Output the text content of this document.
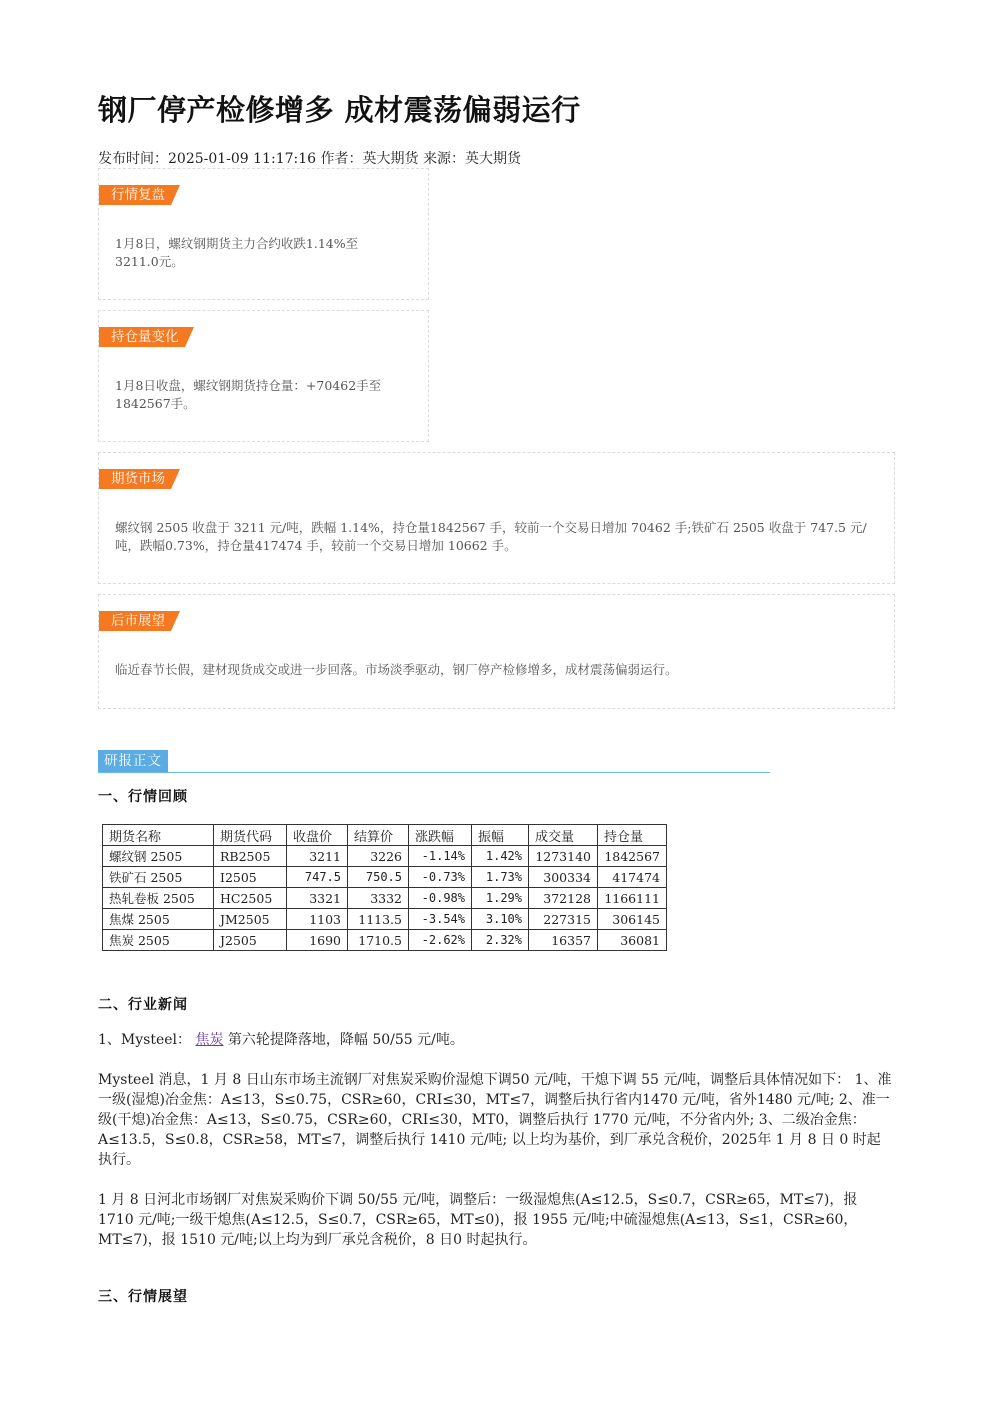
钢厂停产检修增多 成材震荡偏弱运行
发布时间：2025-01-09 11:17:16 作者：英大期货 来源：英大期货
行情复盘
1月8日，螺纹钢期货主力合约收跌1.14%至3211.0元。
持仓量变化
1月8日收盘，螺纹钢期货持仓量：+70462手至1842567手。
期货市场
螺纹钢 2505 收盘于 3211 元/吨，跌幅 1.14%，持仓量1842567 手，较前一个交易日增加 70462 手;铁矿石 2505 收盘于 747.5 元/吨，跌幅0.73%，持仓量417474 手，较前一个交易日增加 10662 手。
后市展望
临近春节长假，建材现货成交或进一步回落。市场淡季驱动，钢厂停产检修增多，成材震荡偏弱运行。
研报正文
一、行情回顾
期货名称	期货代码	收盘价	结算价	涨跌幅	振幅	成交量	持仓量
螺纹钢 2505	RB2505	3211	3226	-1.14%	1.42%	1273140	1842567
铁矿石 2505	I2505	747.5	750.5	-0.73%	1.73%	300334	417474
热轧卷板 2505	HC2505	3321	3332	-0.98%	1.29%	372128	1166111
焦煤 2505	JM2505	1103	1113.5	-3.54%	3.10%	227315	306145
焦炭 2505	J2505	1690	1710.5	-2.62%	2.32%	16357	36081
二、行业新闻
1、Mysteel： 焦炭 第六轮提降落地，降幅 50/55 元/吨。
Mysteel 消息，1 月 8 日山东市场主流钢厂对焦炭采购价湿熄下调50 元/吨，干熄下调 55 元/吨，调整后具体情况如下： 1、准一级(湿熄)冶金焦：A≤13，S≤0.75，CSR≥60，CRI≤30，MT≤7，调整后执行省内1470 元/吨，省外1480 元/吨; 2、准一级(干熄)冶金焦：A≤13，S≤0.75，CSR≥60，CRI≤30，MT0，调整后执行 1770 元/吨，不分省内外; 3、二级冶金焦：A≤13.5，S≤0.8，CSR≥58，MT≤7，调整后执行 1410 元/吨; 以上均为基价，到厂承兑含税价，2025年 1 月 8 日 0 时起执行。
1 月 8 日河北市场钢厂对焦炭采购价下调 50/55 元/吨，调整后：一级湿熄焦(A≤12.5，S≤0.7，CSR≥65，MT≤7)，报 1710 元/吨;一级干熄焦(A≤12.5，S≤0.7，CSR≥65，MT≤0)，报 1955 元/吨;中硫湿熄焦(A≤13，S≤1，CSR≥60，MT≤7)，报 1510 元/吨;以上均为到厂承兑含税价，8 日0 时起执行。
三、行情展望
